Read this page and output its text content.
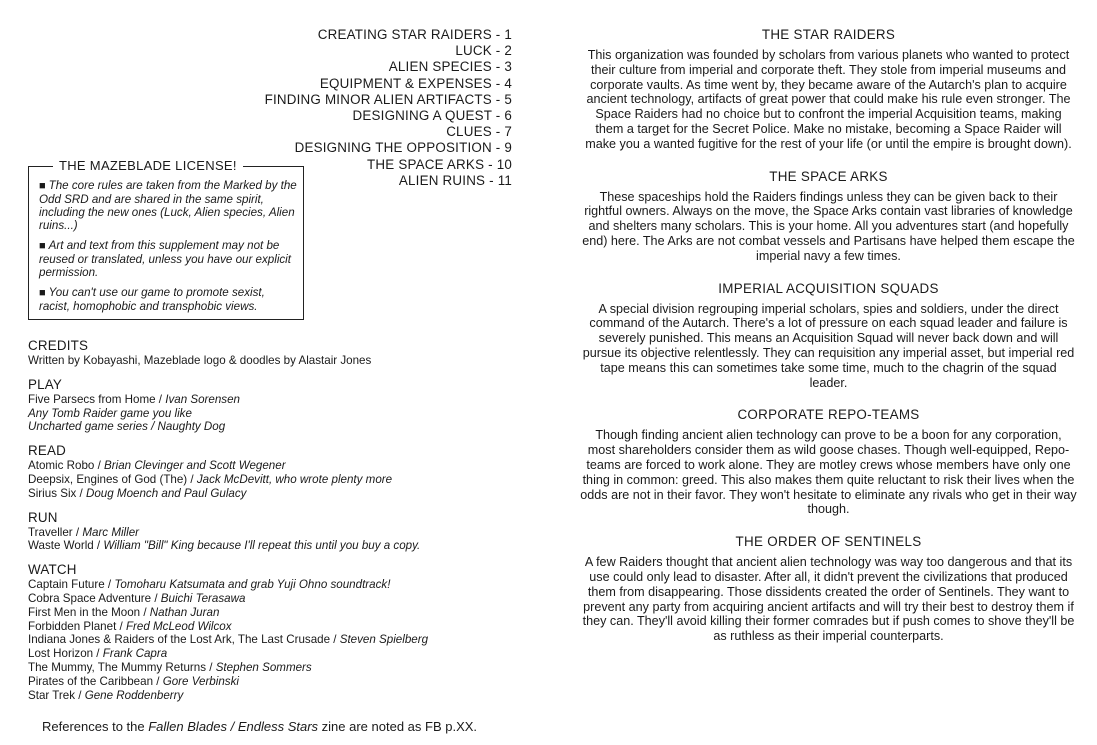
CREATING STAR RAIDERS - 1
LUCK - 2
ALIEN SPECIES - 3
EQUIPMENT & EXPENSES - 4
FINDING MINOR ALIEN ARTIFACTS - 5
DESIGNING A QUEST - 6
CLUES - 7
DESIGNING THE OPPOSITION - 9
THE SPACE ARKS - 10
ALIEN RUINS - 11
THE MAZEBLADE LICENSE!

■ The core rules are taken from the Marked by the Odd SRD and are shared in the same spirit, including the new ones (Luck, Alien species, Alien ruins...)

■ Art and text from this supplement may not be reused or translated, unless you have our explicit permission.

■ You can't use our game to promote sexist, racist, homophobic and transphobic views.

CREDITS
Written by Kobayashi, Mazeblade logo & doodles by Alastair Jones
PLAY
Five Parsecs from Home / Ivan Sorensen
Any Tomb Raider game you like
Uncharted game series / Naughty Dog
READ
Atomic Robo / Brian Clevinger and Scott Wegener
Deepsix, Engines of God (The) / Jack McDevitt, who wrote plenty more
Sirius Six / Doug Moench and Paul Gulacy
RUN
Traveller / Marc Miller
Waste World / William "Bill" King because I'll repeat this until you buy a copy.
WATCH
Captain Future / Tomoharu Katsumata and grab Yuji Ohno soundtrack!
Cobra Space Adventure / Buichi Terasawa
First Men in the Moon / Nathan Juran
Forbidden Planet / Fred McLeod Wilcox
Indiana Jones & Raiders of the Lost Ark, The Last Crusade / Steven Spielberg
Lost Horizon / Frank Capra
The Mummy, The Mummy Returns / Stephen Sommers
Pirates of the Caribbean / Gore Verbinski
Star Trek / Gene Roddenberry
References to the Fallen Blades / Endless Stars zine are noted as FB p.XX.
THE STAR RAIDERS

This organization was founded by scholars from various planets who wanted to protect their culture from imperial and corporate theft. They stole from imperial museums and corporate vaults. As time went by, they became aware of the Autarch's plan to acquire ancient technology, artifacts of great power that could make his rule even stronger. The Space Raiders had no choice but to confront the imperial Acquisition teams, making them a target for the Secret Police. Make no mistake, becoming a Space Raider will make you a wanted fugitive for the rest of your life (or until the empire is brought down).

THE SPACE ARKS

These spaceships hold the Raiders findings unless they can be given back to their rightful owners. Always on the move, the Space Arks contain vast libraries of knowledge and shelters many scholars. This is your home. All you adventures start (and hopefully end) here. The Arks are not combat vessels and Partisans have helped them escape the imperial navy a few times.

IMPERIAL ACQUISITION SQUADS

A special division regrouping imperial scholars, spies and soldiers, under the direct command of the Autarch. There's a lot of pressure on each squad leader and failure is severely punished. This means an Acquisition Squad will never back down and will pursue its objective relentlessly. They can requisition any imperial asset, but imperial red tape means this can sometimes take some time, much to the chagrin of the squad leader.

CORPORATE REPO-TEAMS

Though finding ancient alien technology can prove to be a boon for any corporation, most shareholders consider them as wild goose chases. Though well-equipped, Repo-teams are forced to work alone. They are motley crews whose members have only one thing in common: greed. This also makes them quite reluctant to risk their lives when the odds are not in their favor. They won't hesitate to eliminate any rivals who get in their way though.

THE ORDER OF SENTINELS

A few Raiders thought that ancient alien technology was way too dangerous and that its use could only lead to disaster. After all, it didn't prevent the civilizations that produced them from disappearing. Those dissidents created the order of Sentinels. They want to prevent any party from acquiring ancient artifacts and will try their best to destroy them if they can. They'll avoid killing their former comrades but if push comes to shove they'll be as ruthless as their imperial counterparts.
